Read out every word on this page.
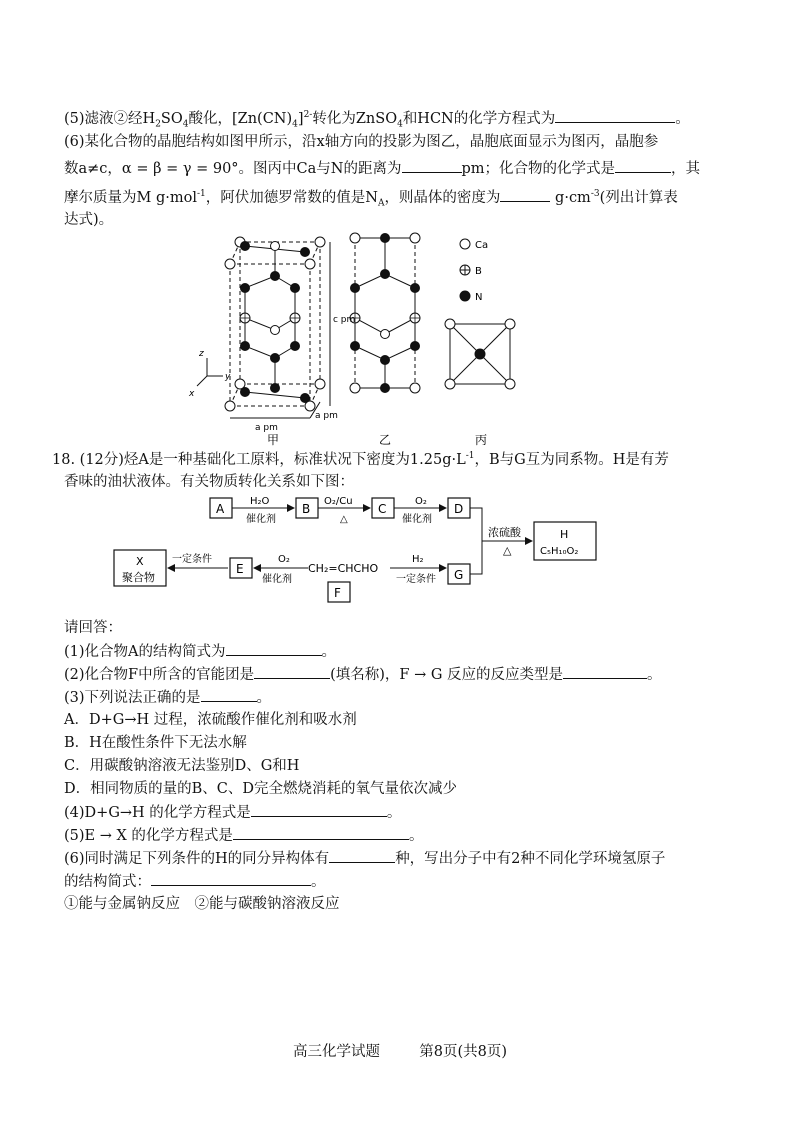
(5)滤液②经$H_2SO_4$酸化，$[Zn(CN)_4]^{2-}$转化为ZnSO$_4$和HCN的化学方程式为	。
(6)某化合物的晶胞结构如图甲所示，沿x轴方向的投影为图乙，晶胞底面显示为图丙，晶胞参
数a≠c，α = β = γ = 90°。图丙中Ca与N的距离为	pm；化合物的化学式是	，其
摩尔质量为M g·mol$^{-1}$，阿伏加德罗常数的值是$N_A$，则晶体的密度为	$g\cdot cm^{-3}$(列出计算表
达式)。
Ca
B
N
c pm
a pm
a pm
z
y
x
甲	乙	丙
18. (12分)烃A是一种基础化工原料，标准状况下密度为$1.25g\cdot L^{-1}$，B与G互为同系物。H是有芳
香味的油状液体。有关物质转化关系如下图：
A	B	C	D
H₂O
催化剂
O₂/Cu
△
O₂
催化剂
浓硫酸
△
H
C₅H₁₀O₂
X
聚合物
一定条件
E
O₂
催化剂
CH₂=CHCHO
F
H₂
一定条件 G
请回答：
(1)化合物A的结构简式为	。
(2)化合物F中所含的官能团是	(填名称)，F → G 反应的反应类型是	。
(3)下列说法正确的是	。
A．D+G→H 过程，浓硫酸作催化剂和吸水剂
B．H在酸性条件下无法水解
C．用碳酸钠溶液无法鉴别D、G和H
D．相同物质的量的B、C、D完全燃烧消耗的氧气量依次减少
(4)D+G→H 的化学方程式是	。
(5)E → X 的化学方程式是	。
(6)同时满足下列条件的H的同分异构体有	种，写出分子中有2种不同化学环境氢原子
的结构简式：	。
①能与金属钠反应　②能与碳酸钠溶液反应
高三化学试题	第8页(共8页)
